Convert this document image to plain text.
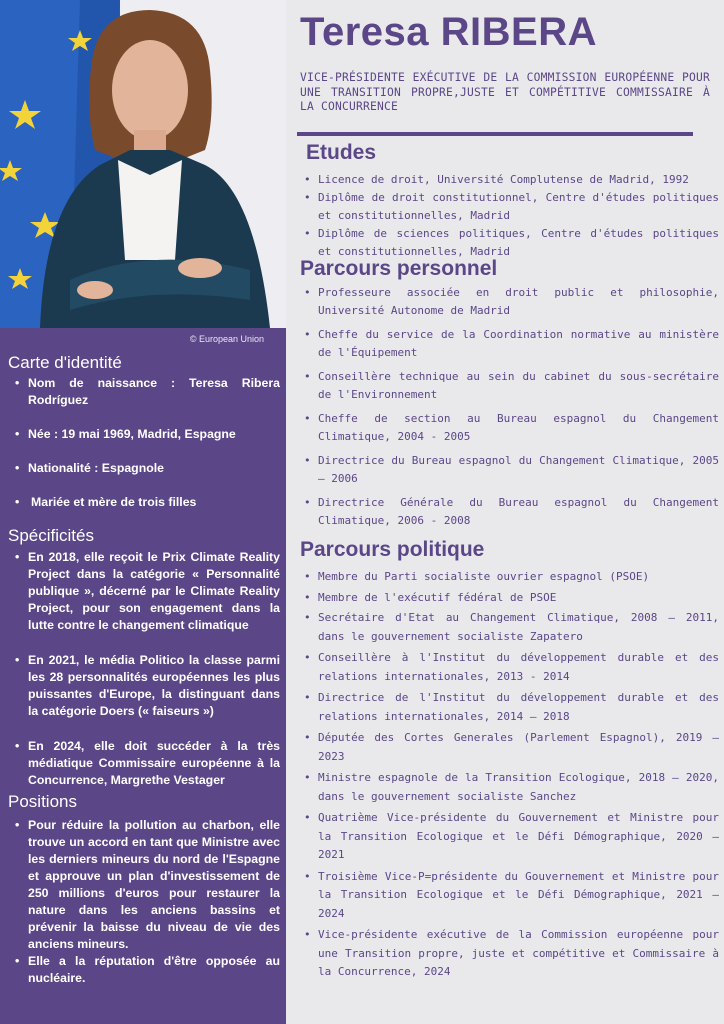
© European Union
Carte d'identité
• Nom de naissance : Teresa Ribera Rodríguez
• Née : 19 mai 1969, Madrid, Espagne
• Nationalité : Espagnole
• Mariée et mère de trois filles
Spécificités
• En 2018, elle reçoit le Prix Climate Reality Project dans la catégorie « Personnalité publique », décerné par le Climate Reality Project, pour son engagement dans la lutte contre le changement climatique
• En 2021, le média Politico la classe parmi les 28 personnalités européennes les plus puissantes d'Europe, la distinguant dans la catégorie Doers (« faiseurs »)
• En 2024, elle doit succéder à la très médiatique Commissaire européenne à la Concurrence, Margrethe Vestager
Positions
• Pour réduire la pollution au charbon, elle trouve un accord en tant que Ministre avec les derniers mineurs du nord de l'Espagne et approuve un plan d'investissement de 250 millions d'euros pour restaurer la nature dans les anciens bassins et prévenir la baisse du niveau de vie des anciens mineurs.
• Elle a la réputation d'être opposée au nucléaire.
Teresa RIBERA
VICE-PRÉSIDENTE EXÉCUTIVE DE LA COMMISSION EUROPÉENNE POUR UNE TRANSITION PROPRE,JUSTE ET COMPÉTITIVE COMMISSAIRE À LA CONCURRENCE
Etudes
• Licence de droit, Université Complutense de Madrid, 1992
• Diplôme de droit constitutionnel, Centre d'études politiques et constitutionnelles, Madrid
• Diplôme de sciences politiques, Centre d'études politiques et constitutionnelles, Madrid
Parcours personnel
• Professeure associée en droit public et philosophie, Université Autonome de Madrid
• Cheffe du service de la Coordination normative au ministère de l'Équipement
• Conseillère technique au sein du cabinet du sous-secrétaire de l'Environnement
• Cheffe de section au Bureau espagnol du Changement Climatique, 2004 - 2005
• Directrice du Bureau espagnol du Changement Climatique, 2005 – 2006
• Directrice Générale du Bureau espagnol du Changement Climatique, 2006 - 2008
Parcours politique
• Membre du Parti socialiste ouvrier espagnol (PSOE)
• Membre de l'exécutif fédéral de PSOE
• Secrétaire d'Etat au Changement Climatique, 2008 – 2011, dans le gouvernement socialiste Zapatero
• Conseillère à l'Institut du développement durable et des relations internationales, 2013 - 2014
• Directrice de l'Institut du développement durable et des relations internationales, 2014 – 2018
• Députée des Cortes Generales (Parlement Espagnol), 2019 – 2023
• Ministre espagnole de la Transition Ecologique, 2018 – 2020, dans le gouvernement socialiste Sanchez
• Quatrième Vice-présidente du Gouvernement et Ministre pour la Transition Ecologique et le Défi Démographique, 2020 – 2021
• Troisième Vice-P=présidente du Gouvernement et Ministre pour la Transition Ecologique et le Défi Démographique, 2021 – 2024
• Vice-présidente exécutive de la Commission européenne pour une Transition propre, juste et compétitive et Commissaire à la Concurrence, 2024
